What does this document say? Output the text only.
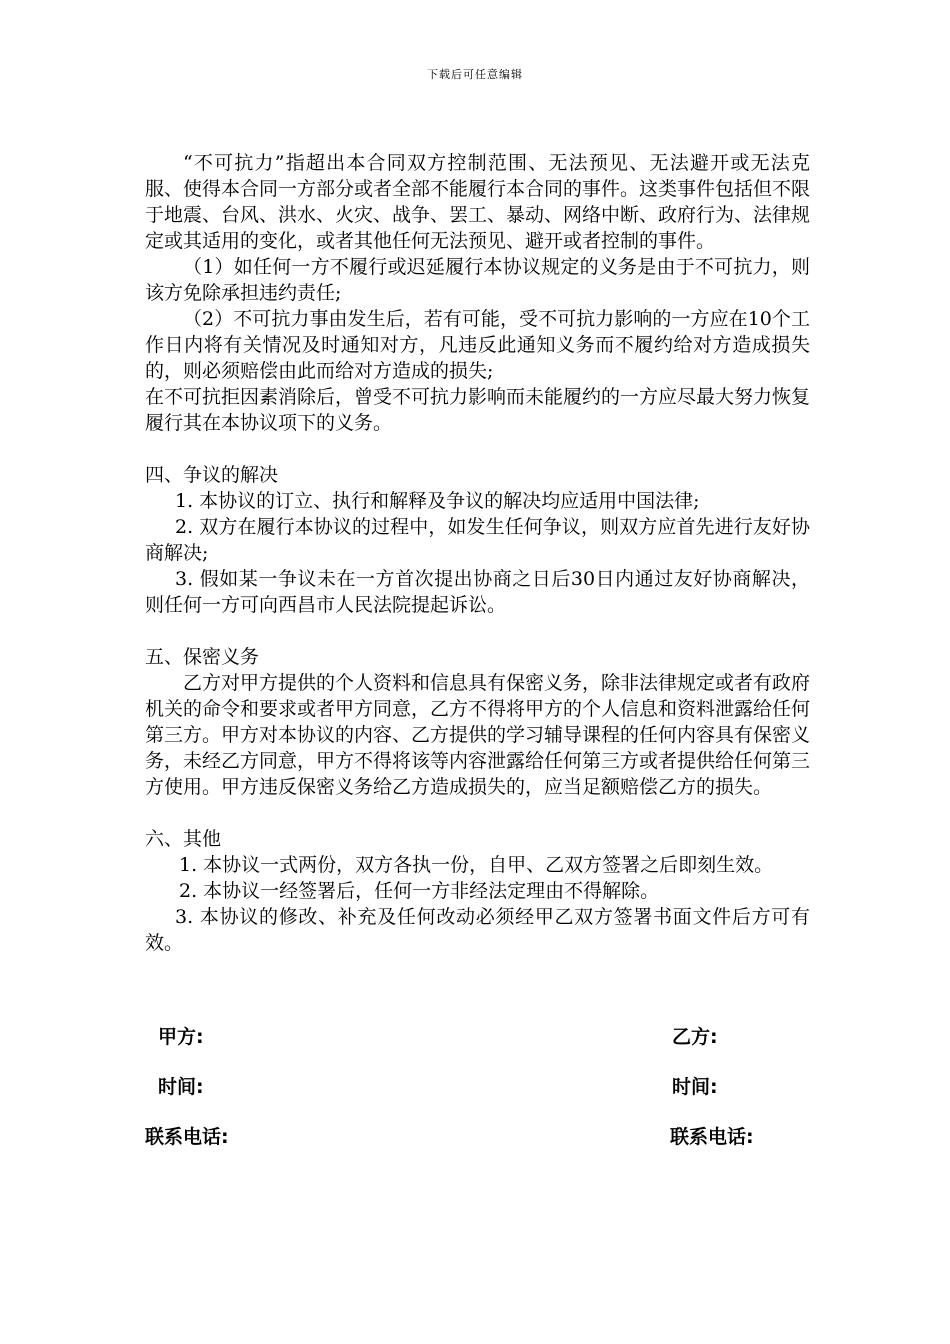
下载后可任意编辑

“不可抗力”指超出本合同双方控制范围、无法预见、无法避开或无法克服、使得本合同一方部分或者全部不能履行本合同的事件。这类事件包括但不限于地震、台风、洪水、火灾、战争、罢工、暴动、网络中断、政府行为、法律规定或其适用的变化，或者其他任何无法预见、避开或者控制的事件。

（1）如任何一方不履行或迟延履行本协议规定的义务是由于不可抗力，则该方免除承担违约责任;

（2）不可抗力事由发生后，若有可能，受不可抗力影响的一方应在10个工作日内将有关情况及时通知对方，凡违反此通知义务而不履约给对方造成损失的，则必须赔偿由此而给对方造成的损失;

在不可抗拒因素消除后，曾受不可抗力影响而未能履约的一方应尽最大努力恢复履行其在本协议项下的义务。

四、争议的解决

1. 本协议的订立、执行和解释及争议的解决均应适用中国法律;

2. 双方在履行本协议的过程中，如发生任何争议，则双方应首先进行友好协商解决;

3. 假如某一争议未在一方首次提出协商之日后30日内通过友好协商解决，则任何一方可向西昌市人民法院提起诉讼。

五、保密义务

乙方对甲方提供的个人资料和信息具有保密义务，除非法律规定或者有政府机关的命令和要求或者甲方同意，乙方不得将甲方的个人信息和资料泄露给任何第三方。甲方对本协议的内容、乙方提供的学习辅导课程的任何内容具有保密义务，未经乙方同意，甲方不得将该等内容泄露给任何第三方或者提供给任何第三方使用。甲方违反保密义务给乙方造成损失的，应当足额赔偿乙方的损失。

六、其他

1. 本协议一式两份，双方各执一份，自甲、乙双方签署之后即刻生效。

2. 本协议一经签署后，任何一方非经法定理由不得解除。

3. 本协议的修改、补充及任何改动必须经甲乙双方签署书面文件后方可有效。

甲方:	乙方:
时间:	时间:
联系电话:	联系电话:
